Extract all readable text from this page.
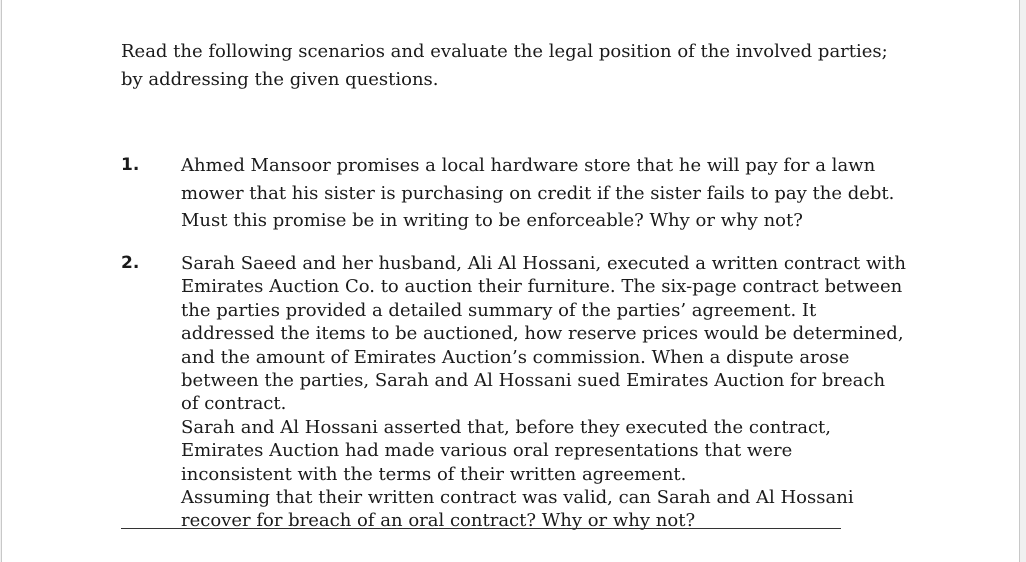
Read the following scenarios and evaluate the legal position of the involved parties; by addressing the given questions.

1. Ahmed Mansoor promises a local hardware store that he will pay for a lawn mower that his sister is purchasing on credit if the sister fails to pay the debt. Must this promise be in writing to be enforceable? Why or why not?

2. Sarah Saeed and her husband, Ali Al Hossani, executed a written contract with Emirates Auction Co. to auction their furniture. The six-page contract between the parties provided a detailed summary of the parties’ agreement. It addressed the items to be auctioned, how reserve prices would be determined, and the amount of Emirates Auction’s commission. When a dispute arose between the parties, Sarah and Al Hossani sued Emirates Auction for breach of contract.

Sarah and Al Hossani asserted that, before they executed the contract, Emirates Auction had made various oral representations that were inconsistent with the terms of their written agreement.

Assuming that their written contract was valid, can Sarah and Al Hossani recover for breach of an oral contract? Why or why not?
